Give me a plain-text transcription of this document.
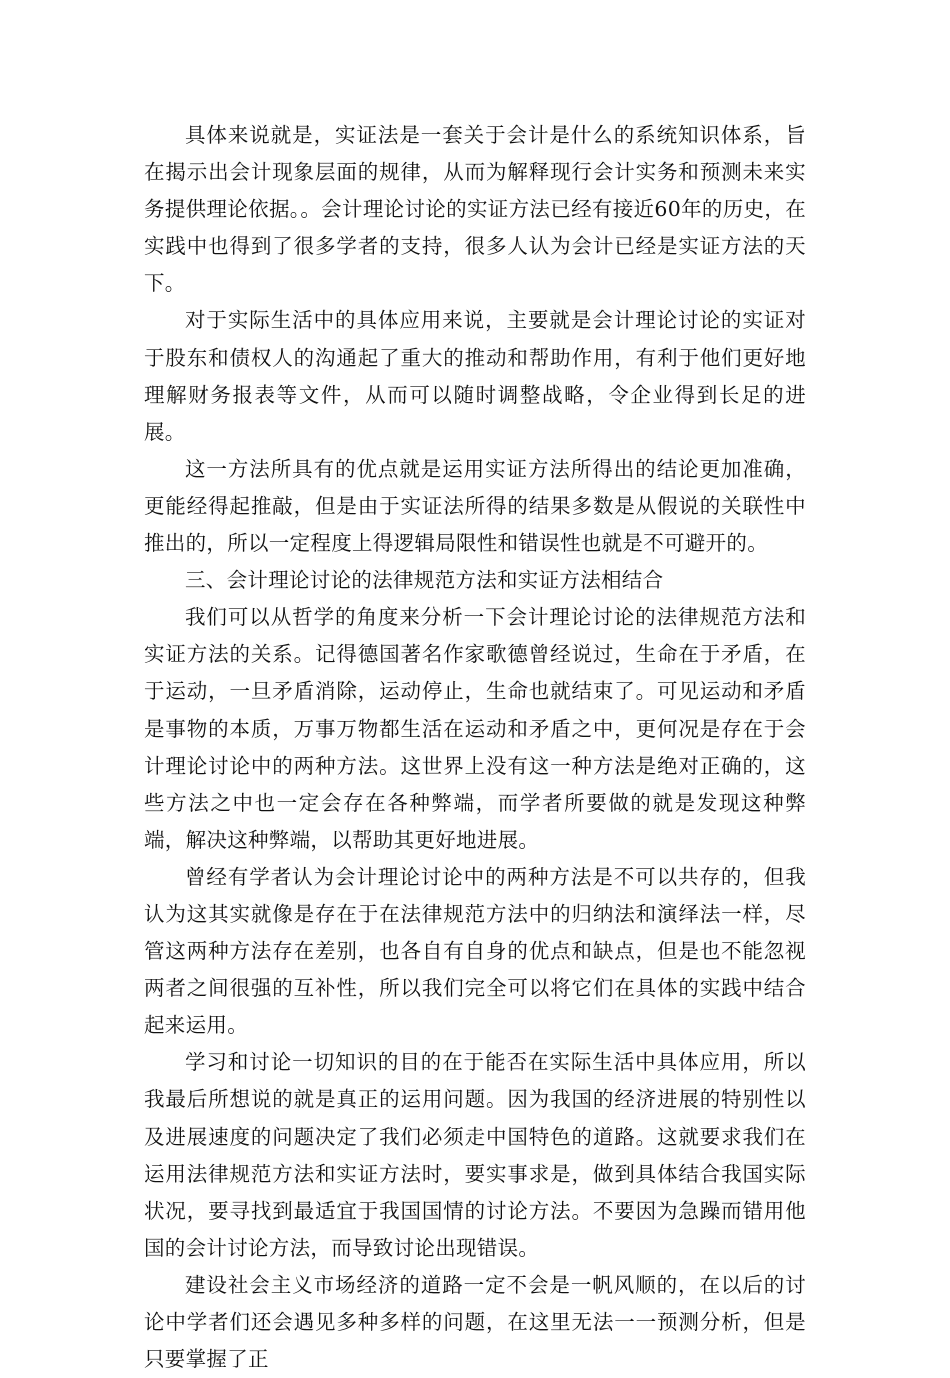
具体来说就是，实证法是一套关于会计是什么的系统知识体系，旨在揭示出会计现象层面的规律，从而为解释现行会计实务和预测未来实务提供理论依据。。会计理论讨论的实证方法已经有接近60年的历史，在实践中也得到了很多学者的支持，很多人认为会计已经是实证方法的天下。

对于实际生活中的具体应用来说，主要就是会计理论讨论的实证对于股东和债权人的沟通起了重大的推动和帮助作用，有利于他们更好地理解财务报表等文件，从而可以随时调整战略，令企业得到长足的进展。

这一方法所具有的优点就是运用实证方法所得出的结论更加准确，更能经得起推敲，但是由于实证法所得的结果多数是从假说的关联性中推出的，所以一定程度上得逻辑局限性和错误性也就是不可避开的。

三、会计理论讨论的法律规范方法和实证方法相结合

我们可以从哲学的角度来分析一下会计理论讨论的法律规范方法和实证方法的关系。记得德国著名作家歌德曾经说过，生命在于矛盾，在于运动，一旦矛盾消除，运动停止，生命也就结束了。可见运动和矛盾是事物的本质，万事万物都生活在运动和矛盾之中，更何况是存在于会计理论讨论中的两种方法。这世界上没有这一种方法是绝对正确的，这些方法之中也一定会存在各种弊端，而学者所要做的就是发现这种弊端，解决这种弊端，以帮助其更好地进展。

曾经有学者认为会计理论讨论中的两种方法是不可以共存的，但我认为这其实就像是存在于在法律规范方法中的归纳法和演绎法一样，尽管这两种方法存在差别，也各自有自身的优点和缺点，但是也不能忽视两者之间很强的互补性，所以我们完全可以将它们在具体的实践中结合起来运用。

学习和讨论一切知识的目的在于能否在实际生活中具体应用，所以我最后所想说的就是真正的运用问题。因为我国的经济进展的特别性以及进展速度的问题决定了我们必须走中国特色的道路。这就要求我们在运用法律规范方法和实证方法时，要实事求是，做到具体结合我国实际状况，要寻找到最适宜于我国国情的讨论方法。不要因为急躁而错用他国的会计讨论方法，而导致讨论出现错误。

建设社会主义市场经济的道路一定不会是一帆风顺的，在以后的讨论中学者们还会遇见多种多样的问题，在这里无法一一预测分析，但是只要掌握了正
